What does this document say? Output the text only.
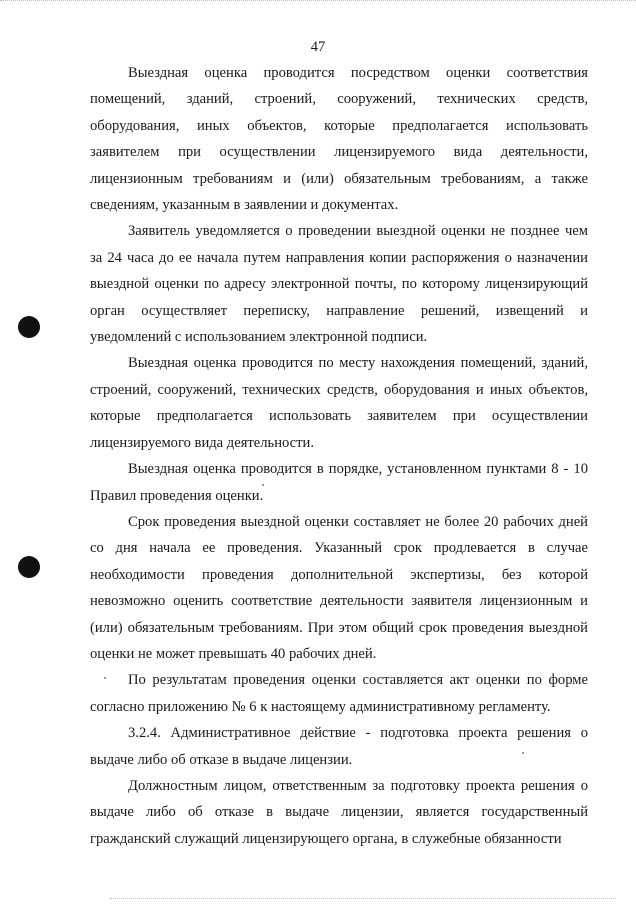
47

Выездная оценка проводится посредством оценки соответствия помещений, зданий, строений, сооружений, технических средств, оборудования, иных объектов, которые предполагается использовать заявителем при осуществлении лицензируемого вида деятельности, лицензионным требованиям и (или) обязательным требованиям, а также сведениям, указанным в заявлении и документах.

Заявитель уведомляется о проведении выездной оценки не позднее чем за 24 часа до ее начала путем направления копии распоряжения о назначении выездной оценки по адресу электронной почты, по которому лицензирующий орган осуществляет переписку, направление решений, извещений и уведомлений с использованием электронной подписи.

Выездная оценка проводится по месту нахождения помещений, зданий, строений, сооружений, технических средств, оборудования и иных объектов, которые предполагается использовать заявителем при осуществлении лицензируемого вида деятельности.

Выездная оценка проводится в порядке, установленном пунктами 8 - 10 Правил проведения оценки.

Срок проведения выездной оценки составляет не более 20 рабочих дней со дня начала ее проведения. Указанный срок продлевается в случае необходимости проведения дополнительной экспертизы, без которой невозможно оценить соответствие деятельности заявителя лицензионным и (или) обязательным требованиям. При этом общий срок проведения выездной оценки не может превышать 40 рабочих дней.

По результатам проведения оценки составляется акт оценки по форме согласно приложению № 6 к настоящему административному регламенту.

3.2.4. Административное действие - подготовка проекта решения о выдаче либо об отказе в выдаче лицензии.

Должностным лицом, ответственным за подготовку проекта решения о выдаче либо об отказе в выдаче лицензии, является государственный гражданский служащий лицензирующего органа, в служебные обязанности
